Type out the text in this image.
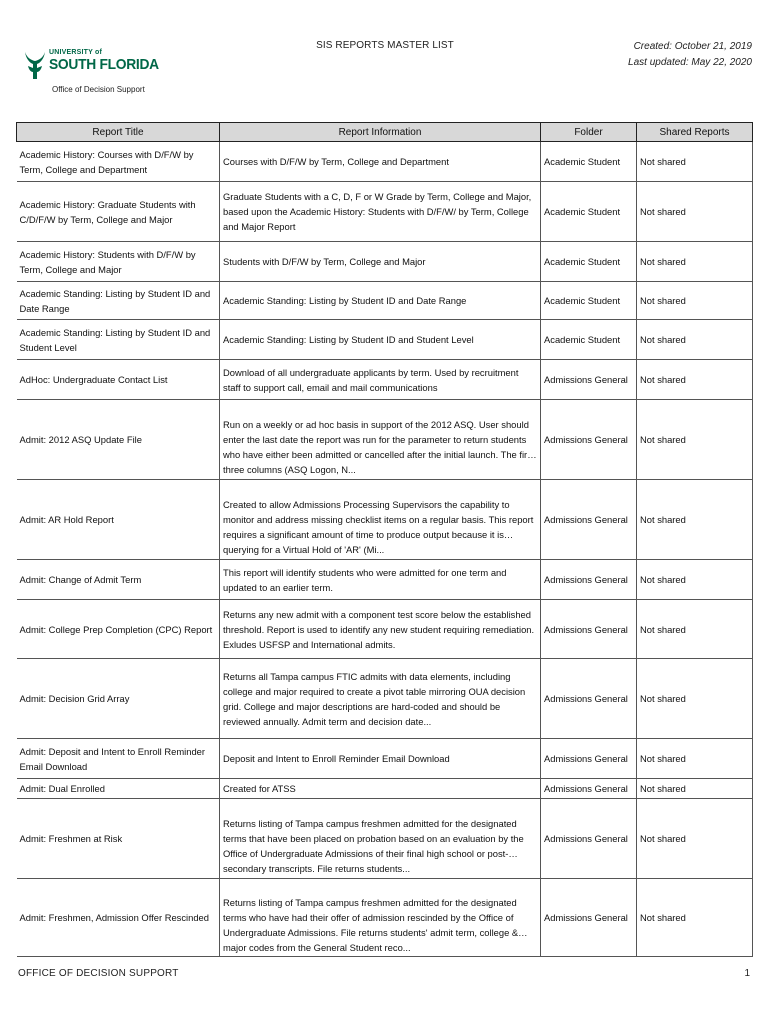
UNIVERSITY of
SOUTH FLORIDA
Office of Decision Support
SIS REPORTS MASTER LIST	Created: October 21, 2019
Last updated: May 22, 2020
Report Title	Report Information	Folder	Shared Reports

Academic History: Courses with D/F/W by Term, College and Department	Courses with D/F/W by Term, College and Department	Academic Student	Not shared

Academic History: Graduate Students with C/D/F/W by Term, College and Major	Graduate Students with a C, D, F or W Grade by Term, College and Major, based upon the Academic History: Students with D/F/W/ by Term, College and Major Report	Academic Student	Not shared

Academic History: Students with D/F/W by Term, College and Major	Students with D/F/W by Term, College and Major	Academic Student	Not shared

Academic Standing: Listing by Student ID and Date Range	Academic Standing: Listing by Student ID and Date Range	Academic Student	Not shared

Academic Standing: Listing by Student ID and Student Level	Academic Standing: Listing by Student ID and Student Level	Academic Student	Not shared

AdHoc: Undergraduate Contact List	Download of all undergraduate applicants by term. Used by recruitment staff to support call, email and mail communications	Admissions General	Not shared

Admit: 2012 ASQ Update File	Run on a weekly or ad hoc basis in support of the 2012 ASQ. User should enter the last date the report was run for the parameter to return students who have either been admitted or cancelled after the initial launch. The first three columns (ASQ Logon, N...	Admissions General	Not shared

Admit: AR Hold Report	Created to allow Admissions Processing Supervisors the capability to monitor and address missing checklist items on a regular basis. This report requires a significant amount of time to produce output because it is querying for a Virtual Hold of 'AR' (Mi...	Admissions General	Not shared

Admit: Change of Admit Term	This report will identify students who were admitted for one term and updated to an earlier term.	Admissions General	Not shared

Admit: College Prep Completion (CPC) Report	Returns any new admit with a component test score below the established threshold. Report is used to identify any new student requiring remediation. Exludes USFSP and International admits.	Admissions General	Not shared

Admit: Decision Grid Array	Returns all Tampa campus FTIC admits with data elements, including college and major required to create a pivot table mirroring OUA decision grid. College and major descriptions are hard-coded and should be reviewed annually. Admit term and decision date...	Admissions General	Not shared

Admit: Deposit and Intent to Enroll Reminder Email Download	Deposit and Intent to Enroll Reminder Email Download	Admissions General	Not shared

Admit: Dual Enrolled	Created for ATSS	Admissions General	Not shared

Admit: Freshmen at Risk	Returns listing of Tampa campus freshmen admitted for the designated terms that have been placed on probation based on an evaluation by the Office of Undergraduate Admissions of their final high school or post-secondary transcripts. File returns students...	Admissions General	Not shared

Admit: Freshmen, Admission Offer Rescinded	Returns listing of Tampa campus freshmen admitted for the designated terms who have had their offer of admission rescinded by the Office of Undergraduate Admissions. File returns students' admit term, college & major codes from the General Student reco...	Admissions General	Not shared
OFFICE OF DECISION SUPPORT	1
